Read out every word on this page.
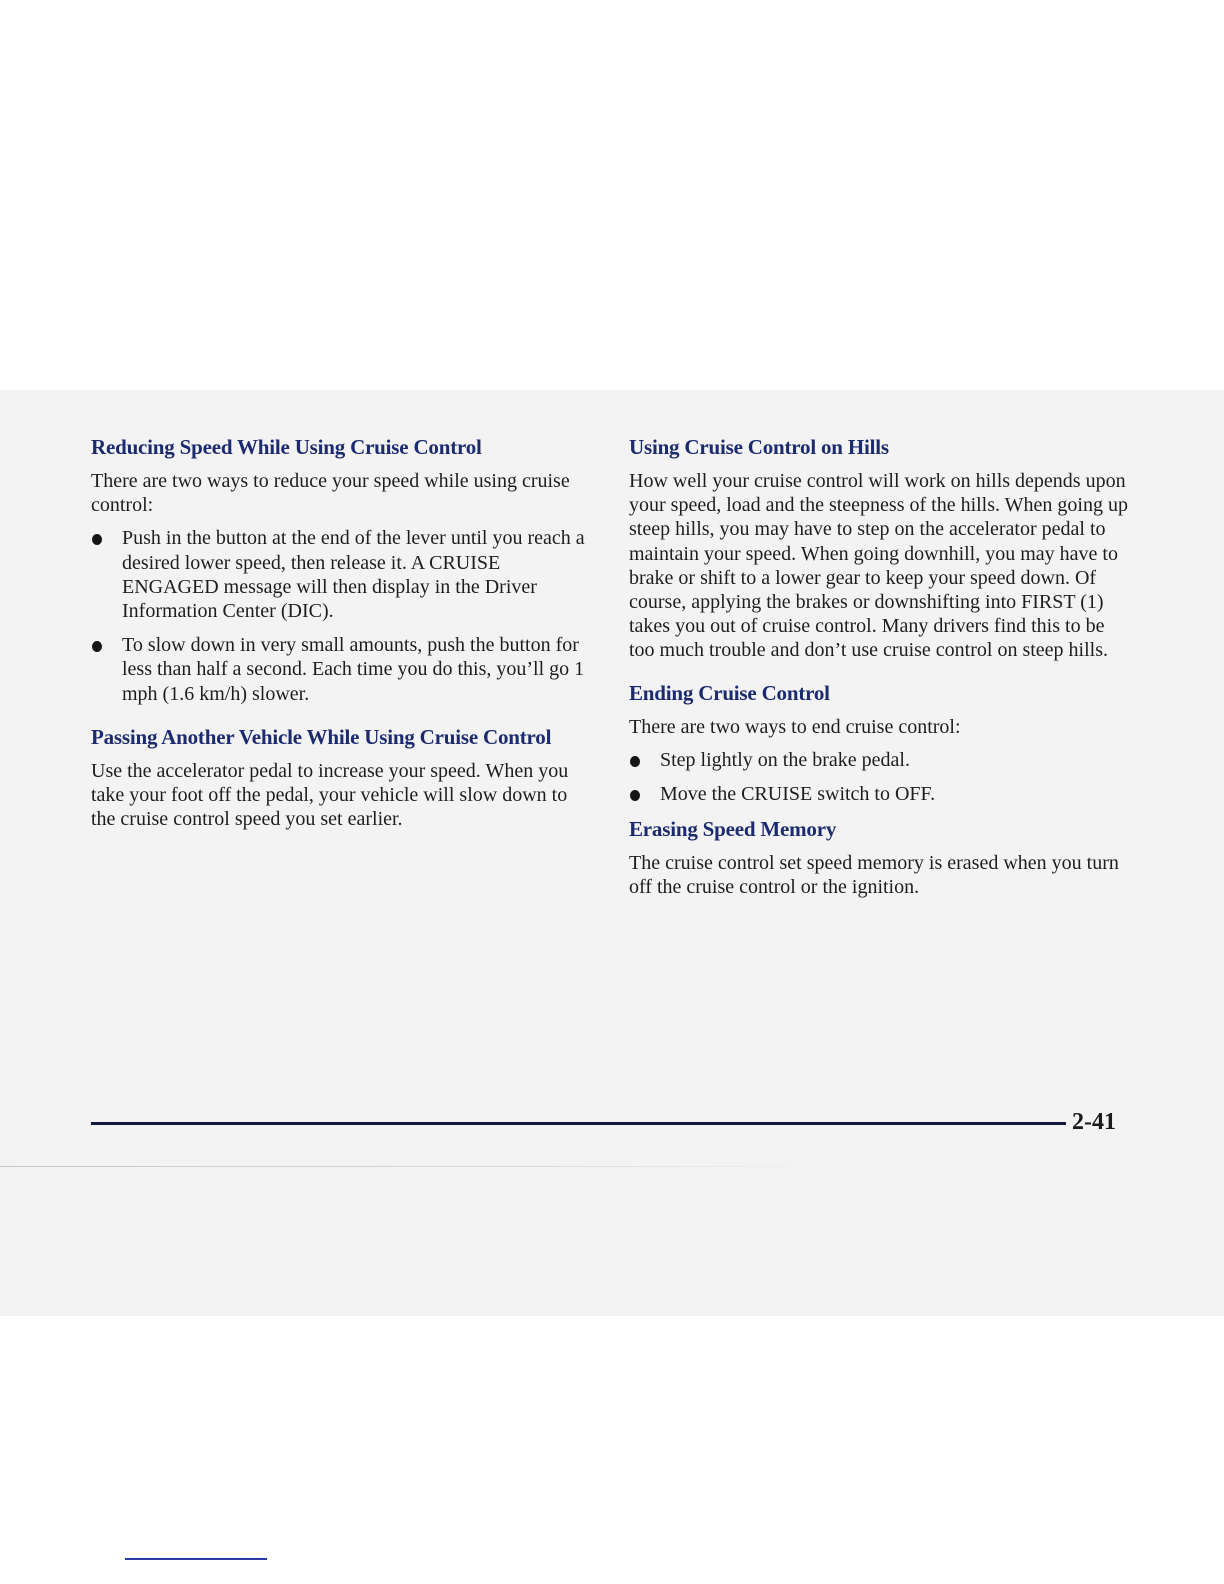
Reducing Speed While Using Cruise Control

There are two ways to reduce your speed while using cruise control:

Push in the button at the end of the lever until you reach a desired lower speed, then release it. A CRUISE ENGAGED message will then display in the Driver Information Center (DIC).
To slow down in very small amounts, push the button for less than half a second. Each time you do this, you’ll go 1 mph (1.6 km/h) slower.
Passing Another Vehicle While Using Cruise Control

Use the accelerator pedal to increase your speed. When you take your foot off the pedal, your vehicle will slow down to the cruise control speed you set earlier.

Using Cruise Control on Hills

How well your cruise control will work on hills depends upon your speed, load and the steepness of the hills. When going up steep hills, you may have to step on the accelerator pedal to maintain your speed. When going downhill, you may have to brake or shift to a lower gear to keep your speed down. Of course, applying the brakes or downshifting into FIRST (1) takes you out of cruise control. Many drivers find this to be too much trouble and don’t use cruise control on steep hills.

Ending Cruise Control

There are two ways to end cruise control:

Step lightly on the brake pedal.
Move the CRUISE switch to OFF.
Erasing Speed Memory

The cruise control set speed memory is erased when you turn off the cruise control or the ignition.

2-41
